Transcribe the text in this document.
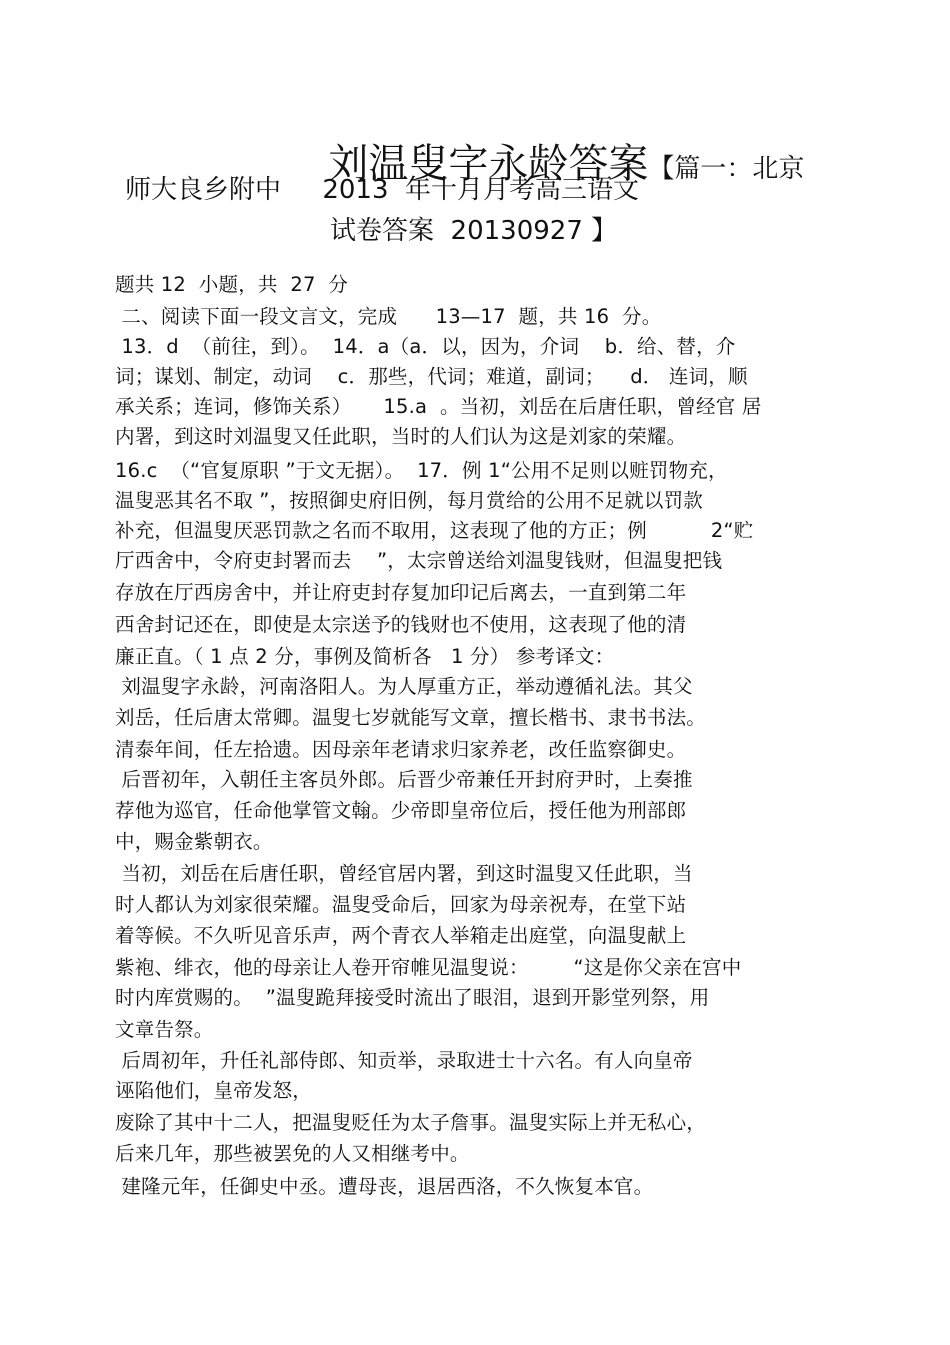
刘温叟字永龄答案【篇一：北京

师大良乡附中     2013  年十月月考高三语文
试卷答案  20130927 】
题共 12  小题，共  27  分
二、阅读下面一段文言文，完成      13—17  题，共 16  分。
13．d  （前往，到）。  14．a（a．以，因为，介词    b．给、替，介
词；谋划、制定，动词    c．那些，代词；难道，副词；    d． 连词，顺
承关系；连词，修饰关系）     15.a  。当初，刘岳在后唐任职，曾经官 居
内署，到这时刘温叟又任此职，当时的人们认为这是刘家的荣耀。
16.c  （“官复原职 ”于文无据）。  17．例 1“公用不足则以赃罚物充，
温叟恶其名不取 ”，按照御史府旧例，每月赏给的公用不足就以罚款
补充，但温叟厌恶罚款之名而不取用，这表现了他的方正；例          2“贮
厅西舍中，令府吏封署而去    ”，太宗曾送给刘温叟钱财，但温叟把钱
存放在厅西房舍中，并让府吏封存复加印记后离去，一直到第二年
西舍封记还在，即使是太宗送予的钱财也不使用，这表现了他的清
廉正直。（ 1 点 2 分，事例及简析各   1 分） 参考译文：
刘温叟字永龄，河南洛阳人。为人厚重方正，举动遵循礼法。其父
刘岳，任后唐太常卿。温叟七岁就能写文章，擅长楷书、隶书书法。
清泰年间，任左拾遗。因母亲年老请求归家养老，改任监察御史。
后晋初年，入朝任主客员外郎。后晋少帝兼任开封府尹时，上奏推
荐他为巡官，任命他掌管文翰。少帝即皇帝位后，授任他为刑部郎
中，赐金紫朝衣。
当初，刘岳在后唐任职，曾经官居内署，到这时温叟又任此职，当
时人都认为刘家很荣耀。温叟受命后，回家为母亲祝寿，在堂下站
着等候。不久听见音乐声，两个青衣人举箱走出庭堂，向温叟献上
紫袍、绯衣，他的母亲让人卷开帘帷见温叟说：       “这是你父亲在宫中
时内库赏赐的。  ”温叟跪拜接受时流出了眼泪，退到开影堂列祭，用
文章告祭。
后周初年，升任礼部侍郎、知贡举，录取进士十六名。有人向皇帝
诬陷他们，皇帝发怒，
废除了其中十二人，把温叟贬任为太子詹事。温叟实际上并无私心，
后来几年，那些被罢免的人又相继考中。
建隆元年，任御史中丞。遭母丧，退居西洛，不久恢复本官。
